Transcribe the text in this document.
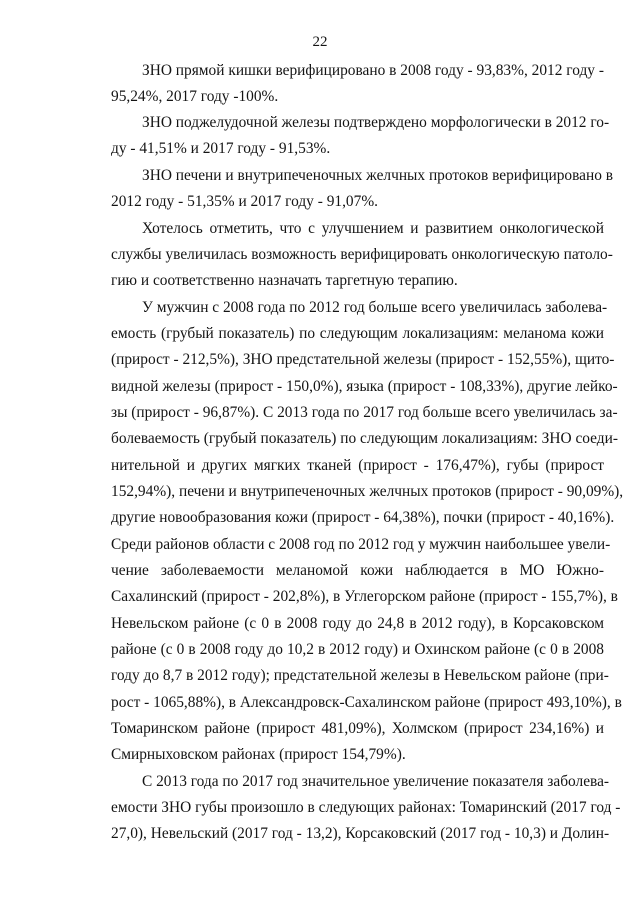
22
ЗНО прямой кишки верифицировано в 2008 году - 93,83%, 2012 году -
95,24%, 2017 году -100%.
ЗНО поджелудочной железы подтверждено морфологически в 2012 го-
ду - 41,51% и 2017 году - 91,53%.
ЗНО печени и внутрипеченочных желчных протоков верифицировано в
2012 году - 51,35% и 2017 году - 91,07%.
Хотелось отметить, что с улучшением и развитием онкологической
службы увеличилась возможность верифицировать онкологическую патоло-
гию и соответственно назначать таргетную терапию.
У мужчин с 2008 года по 2012 год больше всего увеличилась заболева-
емость (грубый показатель) по следующим локализациям: меланома кожи
(прирост - 212,5%), ЗНО предстательной железы (прирост - 152,55%), щито-
видной железы (прирост - 150,0%), языка (прирост - 108,33%), другие лейко-
зы (прирост - 96,87%). С 2013 года по 2017 год больше всего увеличилась за-
болеваемость (грубый показатель) по следующим локализациям: ЗНО соеди-
нительной и других мягких тканей (прирост - 176,47%), губы (прирост
152,94%), печени и внутрипеченочных желчных протоков (прирост - 90,09%),
другие новообразования кожи (прирост - 64,38%), почки (прирост - 40,16%).
Среди районов области с 2008 год по 2012 год у мужчин наибольшее увели-
чение заболеваемости меланомой кожи наблюдается в МО Южно-
Сахалинский (прирост - 202,8%), в Углегорском районе (прирост - 155,7%), в
Невельском районе (с 0 в 2008 году до 24,8 в 2012 году), в Корсаковском
районе (с 0 в 2008 году до 10,2 в 2012 году) и Охинском районе (с 0 в 2008
году до 8,7 в 2012 году); предстательной железы в Невельском районе (при-
рост - 1065,88%), в Александровск-Сахалинском районе (прирост 493,10%), в
Томаринском районе (прирост 481,09%), Холмском (прирост 234,16%) и
Смирныховском районах (прирост 154,79%).
С 2013 года по 2017 год значительное увеличение показателя заболева-
емости ЗНО губы произошло в следующих районах: Томаринский (2017 год -
27,0), Невельский (2017 год - 13,2), Корсаковский (2017 год - 10,3) и Долин-
